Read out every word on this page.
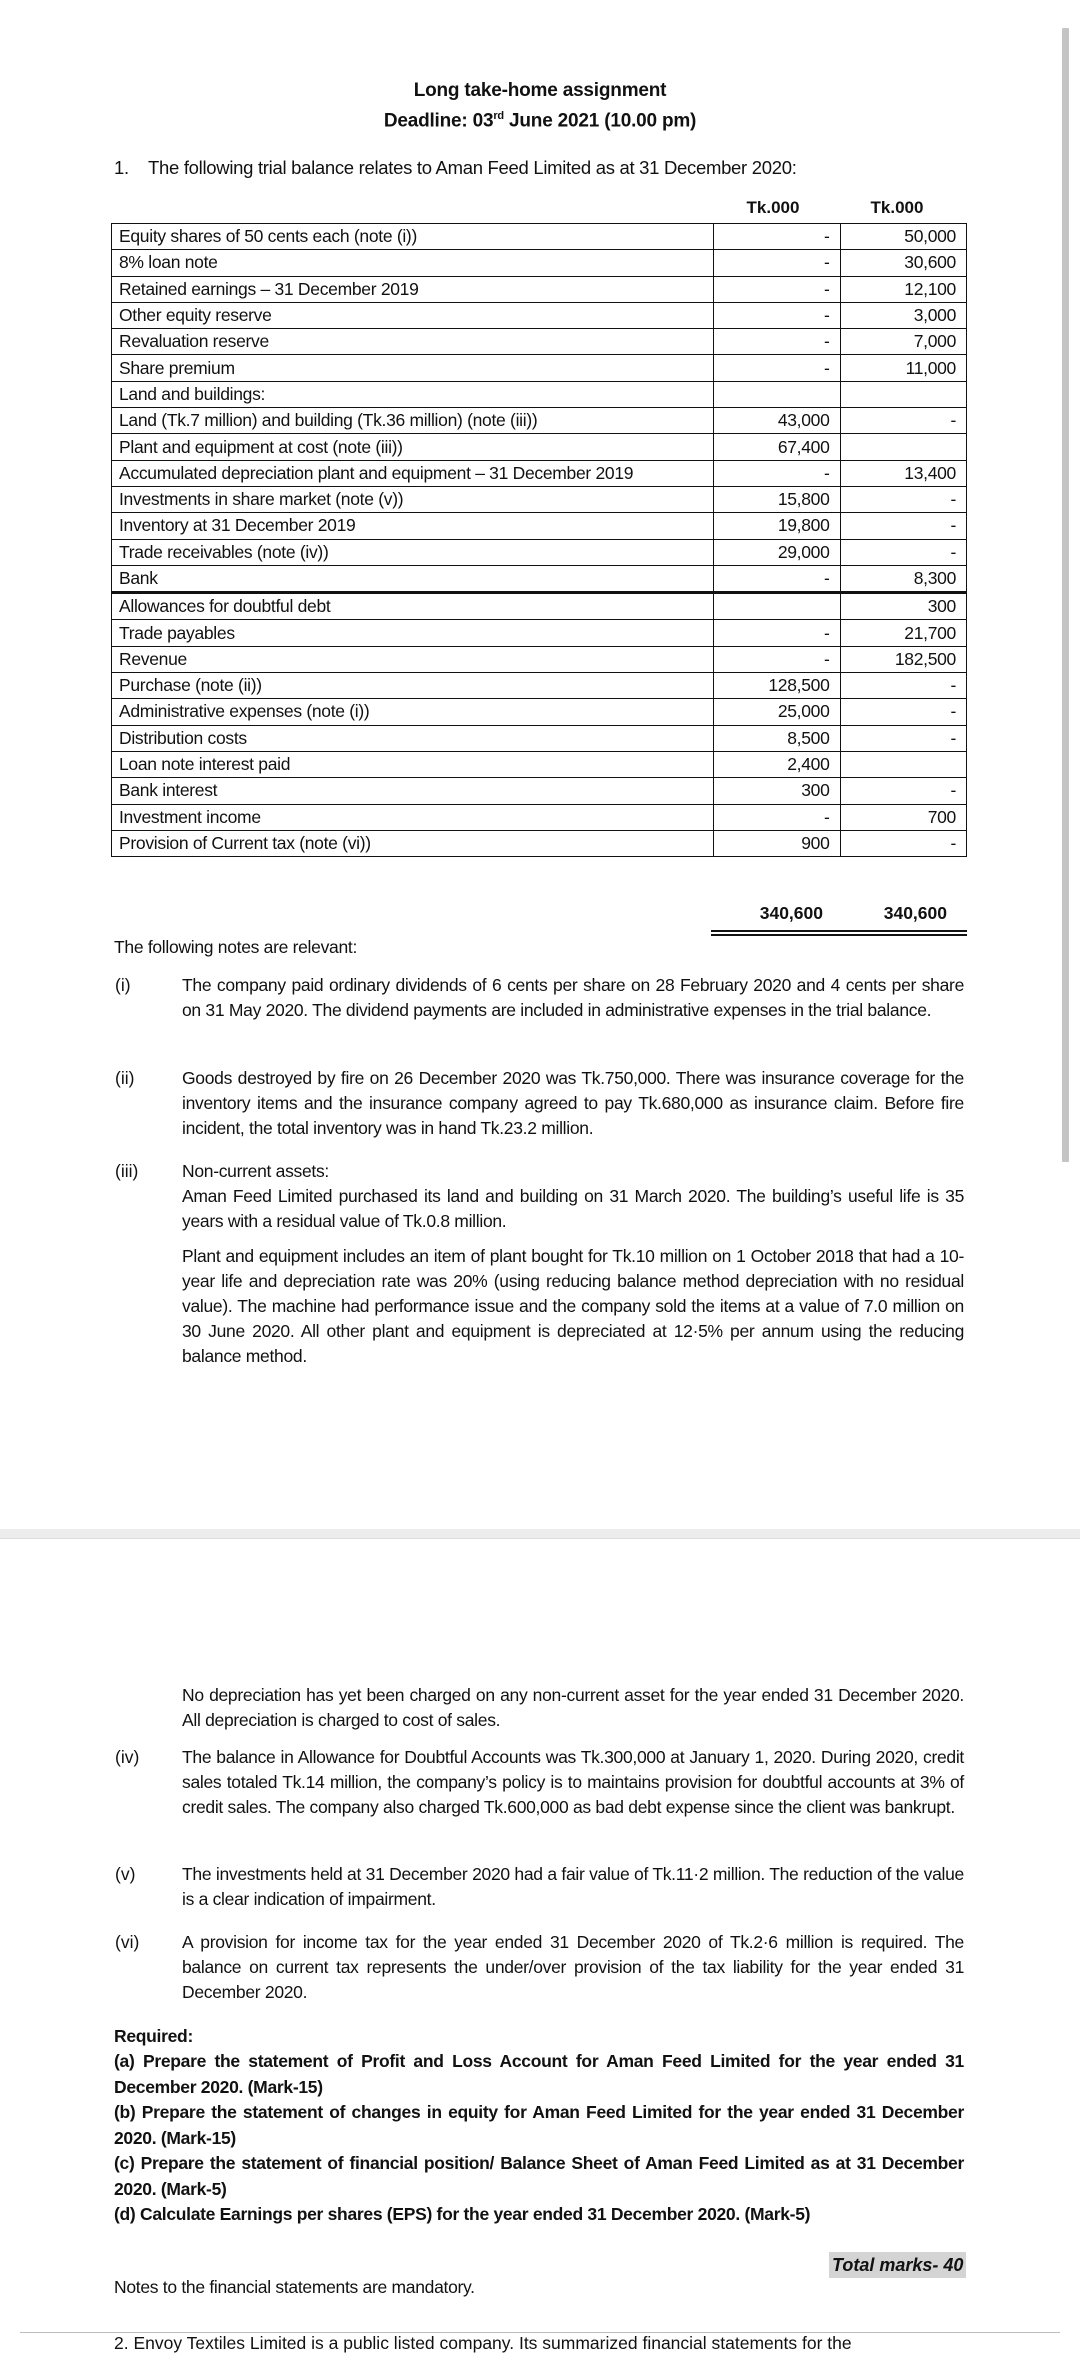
Long take-home assignment
Deadline: 03rd June 2021 (10.00 pm)
1. The following trial balance relates to Aman Feed Limited as at 31 December 2020:
Tk.000	Tk.000
Equity shares of 50 cents each (note (i))	-	50,000
8% loan note	-	30,600
Retained earnings – 31 December 2019	-	12,100
Other equity reserve	-	3,000
Revaluation reserve	-	7,000
Share premium	-	11,000
Land and buildings:		
Land (Tk.7 million) and building (Tk.36 million) (note (iii))	43,000	-
Plant and equipment at cost (note (iii))	67,400	
Accumulated depreciation plant and equipment – 31 December 2019	-	13,400
Investments in share market (note (v))	15,800	-
Inventory at 31 December 2019	19,800	-
Trade receivables (note (iv))	29,000	-
Bank	-	8,300
Allowances for doubtful debt		300
Trade payables	-	21,700
Revenue	-	182,500
Purchase (note (ii))	128,500	-
Administrative expenses (note (i))	25,000	-
Distribution costs	8,500	-
Loan note interest paid	2,400	
Bank interest	300	-
Investment income	-	700
Provision of Current tax (note (vi))	900	-
340,600	340,600
The following notes are relevant:
(i)	The company paid ordinary dividends of 6 cents per share on 28 February 2020 and 4 cents per share on 31 May 2020. The dividend payments are included in administrative expenses in the trial balance.
(ii)	Goods destroyed by fire on 26 December 2020 was Tk.750,000. There was insurance coverage for the inventory items and the insurance company agreed to pay Tk.680,000 as insurance claim. Before fire incident, the total inventory was in hand Tk.23.2 million.
(iii) Non-current assets:
Aman Feed Limited purchased its land and building on 31 March 2020. The building’s useful life is 35 years with a residual value of Tk.0.8 million.
Plant and equipment includes an item of plant bought for Tk.10 million on 1 October 2018 that had a 10-year life and depreciation rate was 20% (using reducing balance method depreciation with no residual value). The machine had performance issue and the company sold the items at a value of 7.0 million on 30 June 2020. All other plant and equipment is depreciated at 12·5% per annum using the reducing balance method.
No depreciation has yet been charged on any non-current asset for the year ended 31 December 2020. All depreciation is charged to cost of sales.
(iv) The balance in Allowance for Doubtful Accounts was Tk.300,000 at January 1, 2020. During 2020, credit sales totaled Tk.14 million, the company’s policy is to maintains provision for doubtful accounts at 3% of credit sales. The company also charged Tk.600,000 as bad debt expense since the client was bankrupt.
(v)	The investments held at 31 December 2020 had a fair value of Tk.11·2 million. The reduction of the value is a clear indication of impairment.
(vi) A provision for income tax for the year ended 31 December 2020 of Tk.2·6 million is required. The balance on current tax represents the under/over provision of the tax liability for the year ended 31 December 2020.
Required:
(a) Prepare the statement of Profit and Loss Account for Aman Feed Limited for the year ended 31 December 2020. (Mark-15)
(b) Prepare the statement of changes in equity for Aman Feed Limited for the year ended 31 December 2020. (Mark-15)
(c) Prepare the statement of financial position/ Balance Sheet of Aman Feed Limited as at 31 December 2020. (Mark-5)
(d) Calculate Earnings per shares (EPS) for the year ended 31 December 2020. (Mark-5)
Notes to the financial statements are mandatory.
Total marks- 40
2. Envoy Textiles Limited is a public listed company. Its summarized financial statements for the
